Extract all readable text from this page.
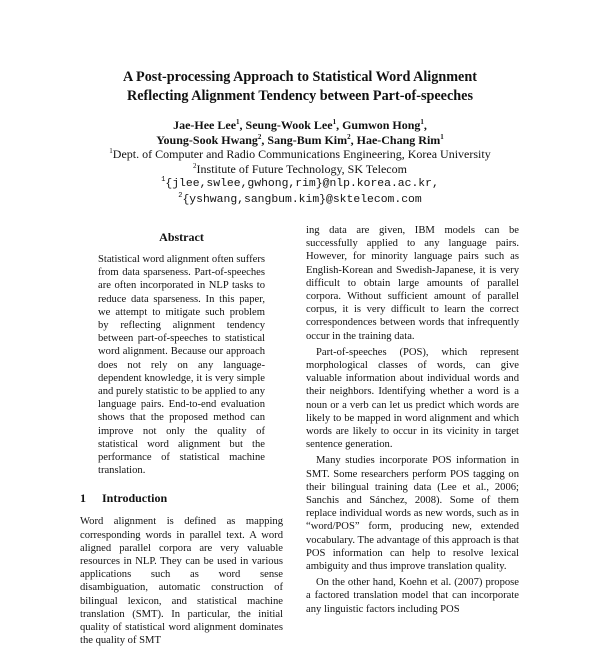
A Post-processing Approach to Statistical Word Alignment
Reflecting Alignment Tendency between Part-of-speeches
Jae-Hee Lee$^1$, Seung-Wook Lee$^1$, Gumwon Hong$^1$,
Young-Sook Hwang$^2$, Sang-Bum Kim$^2$, Hae-Chang Rim$^1$
$^1$Dept. of Computer and Radio Communications Engineering, Korea University
$^2$Institute of Future Technology, SK Telecom
$^1${jlee,swlee,gwhong,rim}@nlp.korea.ac.kr,
$^2${yshwang,sangbum.kim}@sktelecom.com
Abstract
Statistical word alignment often suffers from data sparseness. Part-of-speeches are often incorporated in NLP tasks to reduce data sparseness. In this paper, we attempt to mitigate such problem by reflecting alignment tendency between part-of-speeches to statistical word alignment. Because our approach does not rely on any language-dependent knowledge, it is very simple and purely statistic to be applied to any language pairs. End-to-end evaluation shows that the proposed method can improve not only the quality of statistical word alignment but the performance of statistical machine translation.
1 Introduction

Word alignment is defined as mapping corresponding words in parallel text. A word aligned parallel corpora are very valuable resources in NLP. They can be used in various applications such as word sense disambiguation, automatic construction of bilingual lexicon, and statistical machine translation (SMT). In particular, the initial quality of statistical word alignment dominates the quality of SMT

ing data are given, IBM models can be successfully applied to any language pairs. However, for minority language pairs such as English-Korean and Swedish-Japanese, it is very difficult to obtain large amounts of parallel corpora. Without sufficient amount of parallel corpus, it is very difficult to learn the correct correspondences between words that infrequently occur in the training data.

Part-of-speeches (POS), which represent morphological classes of words, can give valuable information about individual words and their neighbors. Identifying whether a word is a noun or a verb can let us predict which words are likely to be mapped in word alignment and which words are likely to occur in its vicinity in target sentence generation.

Many studies incorporate POS information in SMT. Some researchers perform POS tagging on their bilingual training data (Lee et al., 2006; Sanchis and Sánchez, 2008). Some of them replace individual words as new words, such as in “word/POS” form, producing new, extended vocabulary. The advantage of this approach is that POS information can help to resolve lexical ambiguity and thus improve translation quality.

On the other hand, Koehn et al. (2007) propose a factored translation model that can incorporate any linguistic factors including POS
